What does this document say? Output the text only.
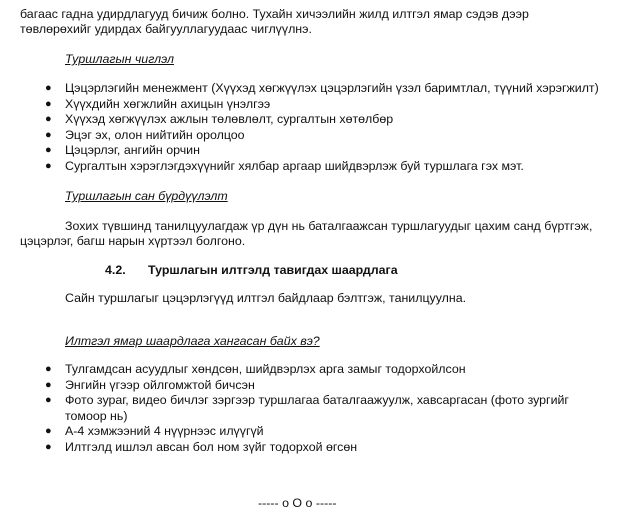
багаас гадна удирдлагууд бичиж болно. Тухайн хичээлийн жилд илтгэл ямар сэдэв дээр
төвлөрөхийг удирдах байгууллагуудаас чиглүүлнэ.
Туршлагын чиглэл
● Цэцэрлэгийн менежмент (Хүүхэд хөгжүүлэх цэцэрлэгийн үзэл баримтлал, түүний хэрэгжилт)
● Хүүхдийн хөгжлийн ахицын үнэлгээ
● Хүүхэд хөгжүүлэх ажлын төлөвлөлт, сургалтын хөтөлбөр
● Эцэг эх, олон нийтийн оролцоо
● Цэцэрлэг, ангийн орчин
● Сургалтын хэрэглэгдэхүүнийг хялбар аргаар шийдвэрлэж буй туршлага гэх мэт.
Туршлагын сан бүрдүүлэлт
Зохих түвшинд танилцуулагдаж үр дүн нь баталгаажсан туршлагуудыг цахим санд бүртгэж,
цэцэрлэг, багш нарын хүртээл болгоно.
4.2. Туршлагын илтгэлд тавигдах шаардлага
Сайн туршлагыг цэцэрлэгүүд илтгэл байдлаар бэлтгэж, танилцуулна.
Илтгэл ямар шаардлага хангасан байх вэ?
● Тулгамдсан асуудлыг хөндсөн, шийдвэрлэх арга замыг тодорхойлсон
● Энгийн үгээр ойлгомжтой бичсэн
● Фото зураг, видео бичлэг зэргээр туршлагаа баталгаажуулж, хавсаргасан (фото зургийг
томоор нь)
● А-4 хэмжээний 4 нүүрнээс илүүгүй
● Илтгэлд ишлэл авсан бол ном зүйг тодорхой өгсөн
----- o O o -----
